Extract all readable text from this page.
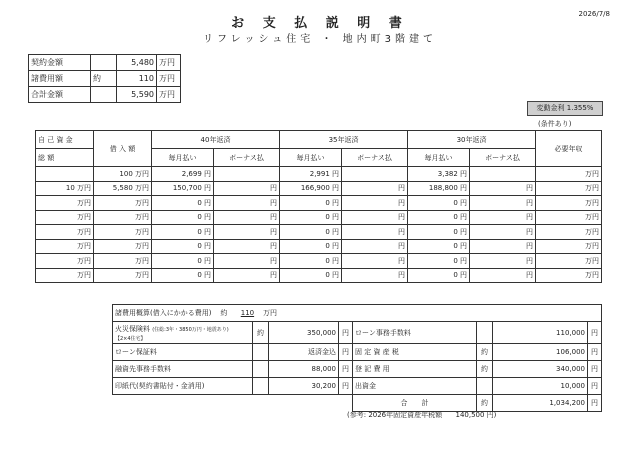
お 支 払 説 明 書
リフレッシュ住宅 ・ 地内町3階建て
2026/7/8
契約金額		5,480	万円
諸費用額	約	110	万円
合計金額		5,590	万円
変動金利 1.355%
(条件あり)
自 己 資 金	借 入 額	40年返済		35年返済		30年返済		必要年収
総 額		毎月払い	ボーナス払	毎月払い	ボーナス払	毎月払い	ボーナス払	
	100 万円	2,699 円		2,991 円		3,382 円		万円
10 万円	5,580 万円	150,700 円	円	166,900 円	円	188,800 円	円	万円
万円	万円	0 円	円	0 円	円	0 円	円	万円
万円	万円	0 円	円	0 円	円	0 円	円	万円
万円	万円	0 円	円	0 円	円	0 円	円	万円
万円	万円	0 円	円	0 円	円	0 円	円	万円
万円	万円	0 円	円	0 円	円	0 円	円	万円
万円	万円	0 円	円	0 円	円	0 円	円	万円
諸費用概算(借入にかかる費用) 約 110 万円							
火災保険料 (住総:3年・3850万円・地震あり)
【2×4住宅】	約	350,000	円	ローン事務手数料		110,000	円
ローン保証料		返済金込	円	固 定 資 産 税	約	106,000	円
融資先事務手数料		88,000	円	登 記 費 用	約	340,000	円
印紙代(契約書貼付・金消用)		30,200	円	出資金		10,000	円
				合　　計	約	1,034,200	円
(参考: 2026年固定資産年税額 140,500 円)
